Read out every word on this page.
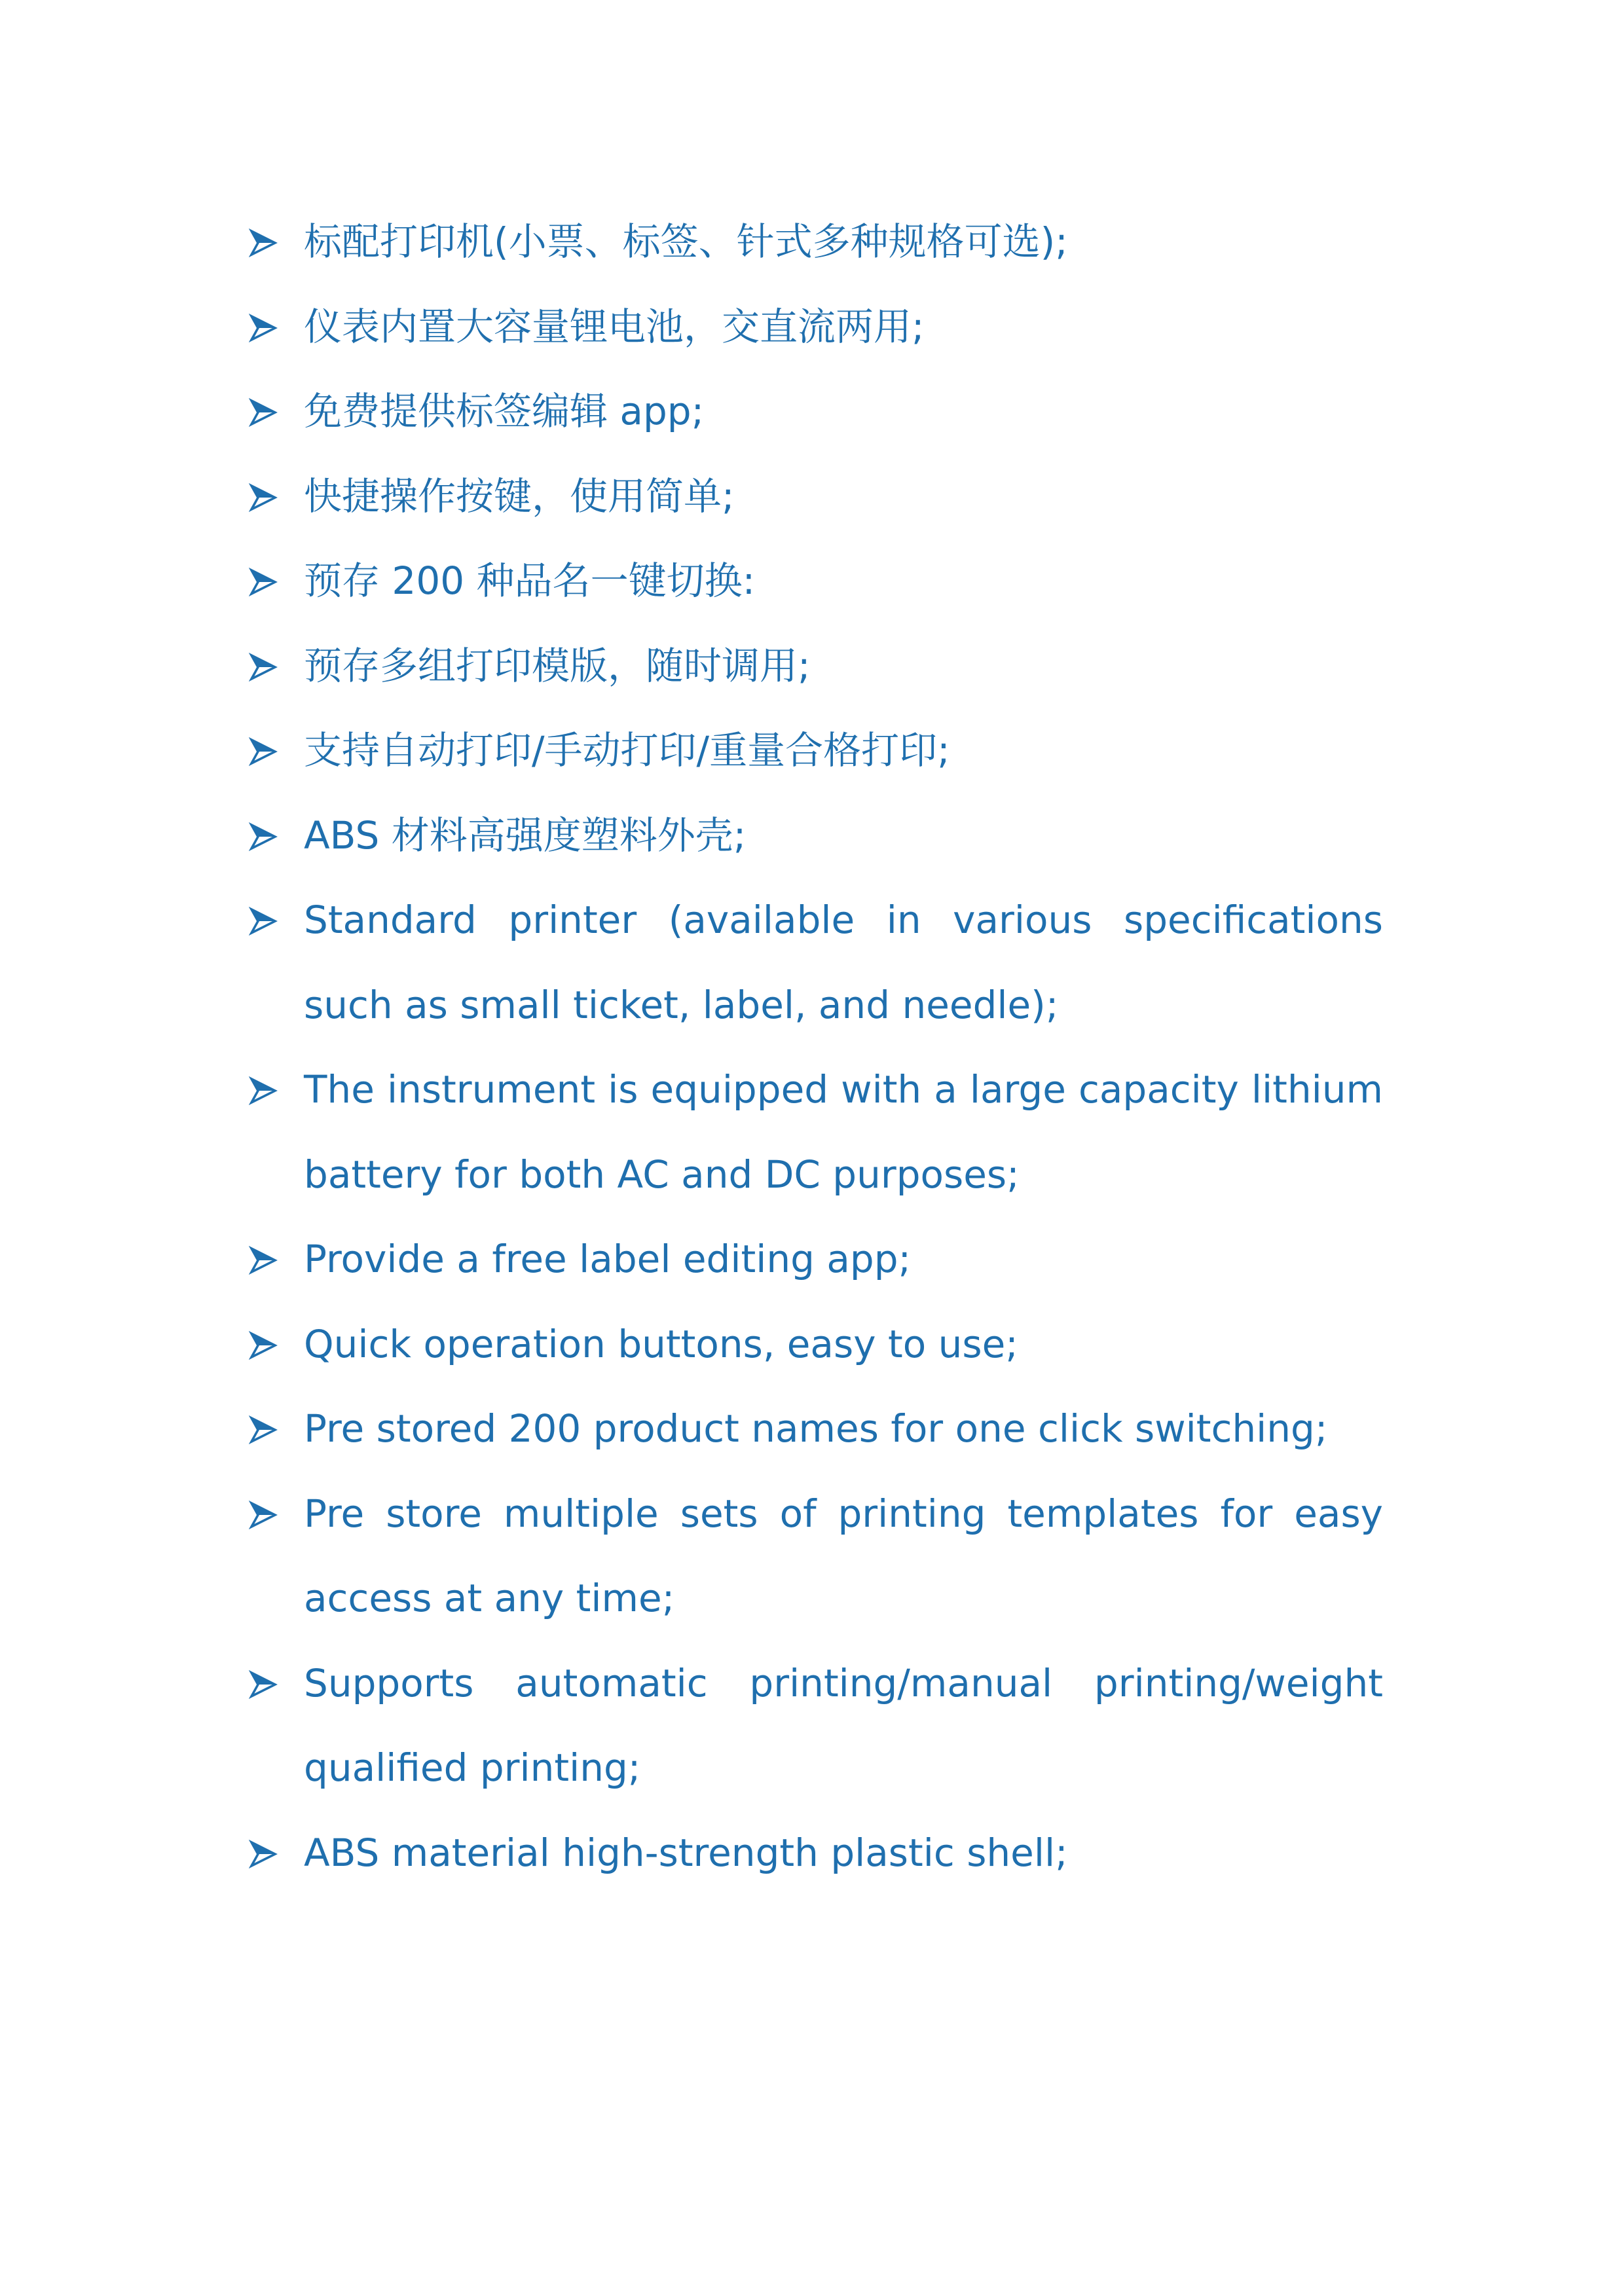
标配打印机(小票、标签、针式多种规格可选);
仪表内置大容量锂电池，交直流两用;
免费提供标签编辑 app;
快捷操作按键，使用简单;
预存 200 种品名一键切换:
预存多组打印模版，随时调用;
支持自动打印/手动打印/重量合格打印;
ABS 材料高强度塑料外壳;
Standard printer (available in various specifications such as small ticket, label, and needle);
The instrument is equipped with a large capacity lithium battery for both AC and DC purposes;
Provide a free label editing app;
Quick operation buttons, easy to use;
Pre stored 200 product names for one click switching;
Pre store multiple sets of printing templates for easy access at any time;
Supports automatic printing/manual printing/weight qualified printing;
ABS material high-strength plastic shell;
